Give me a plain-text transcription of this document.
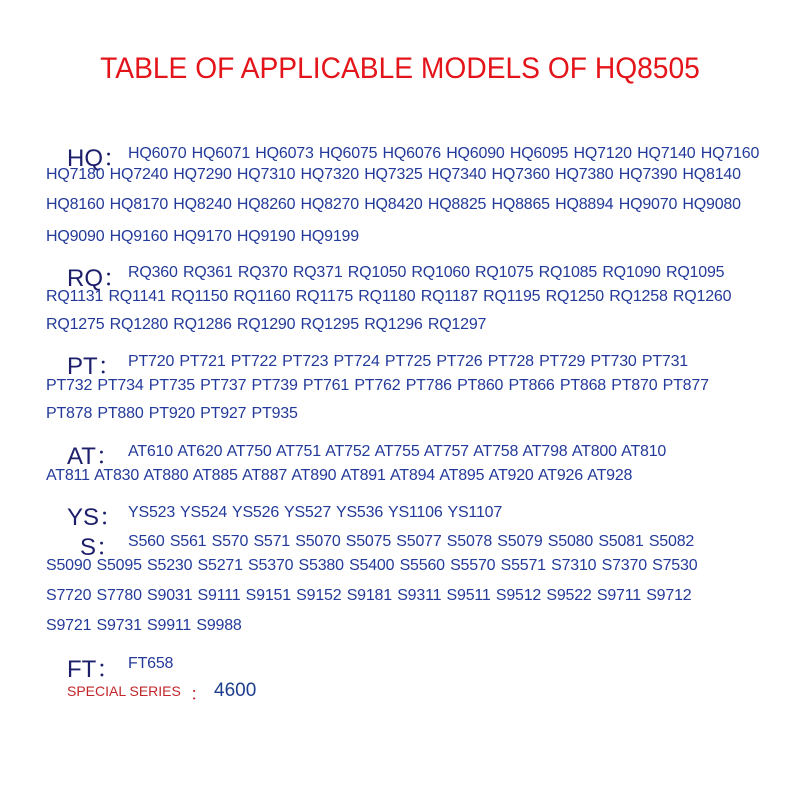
TABLE OF APPLICABLE MODELS OF HQ8505
HQ： HQ6070 HQ6071 HQ6073 HQ6075 HQ6076 HQ6090 HQ6095 HQ7120 HQ7140 HQ7160
HQ7180 HQ7240 HQ7290 HQ7310 HQ7320 HQ7325 HQ7340 HQ7360 HQ7380 HQ7390 HQ8140
HQ8160 HQ8170 HQ8240 HQ8260 HQ8270 HQ8420 HQ8825 HQ8865 HQ8894 HQ9070 HQ9080
HQ9090 HQ9160 HQ9170 HQ9190 HQ9199
RQ： RQ360 RQ361 RQ370 RQ371 RQ1050 RQ1060 RQ1075 RQ1085 RQ1090 RQ1095
RQ1131 RQ1141 RQ1150 RQ1160 RQ1175 RQ1180 RQ1187 RQ1195 RQ1250 RQ1258 RQ1260
RQ1275 RQ1280 RQ1286 RQ1290 RQ1295 RQ1296 RQ1297
PT： PT720 PT721 PT722 PT723 PT724 PT725 PT726 PT728 PT729 PT730 PT731
PT732 PT734 PT735 PT737 PT739 PT761 PT762 PT786 PT860 PT866 PT868 PT870 PT877
PT878 PT880 PT920 PT927 PT935
AT： AT610 AT620 AT750 AT751 AT752 AT755 AT757 AT758 AT798 AT800 AT810
AT811 AT830 AT880 AT885 AT887 AT890 AT891 AT894 AT895 AT920 AT926 AT928
YS： YS523 YS524 YS526 YS527 YS536 YS1106 YS1107
S： S560 S561 S570 S571 S5070 S5075 S5077 S5078 S5079 S5080 S5081 S5082
S5090 S5095 S5230 S5271 S5370 S5380 S5400 S5560 S5570 S5571 S7310 S7370 S7530
S7720 S7780 S9031 S9111 S9151 S9152 S9181 S9311 S9511 S9512 S9522 S9711 S9712
S9721 S9731 S9911 S9988
FT： FT658
SPECIAL SERIES ： 4600
